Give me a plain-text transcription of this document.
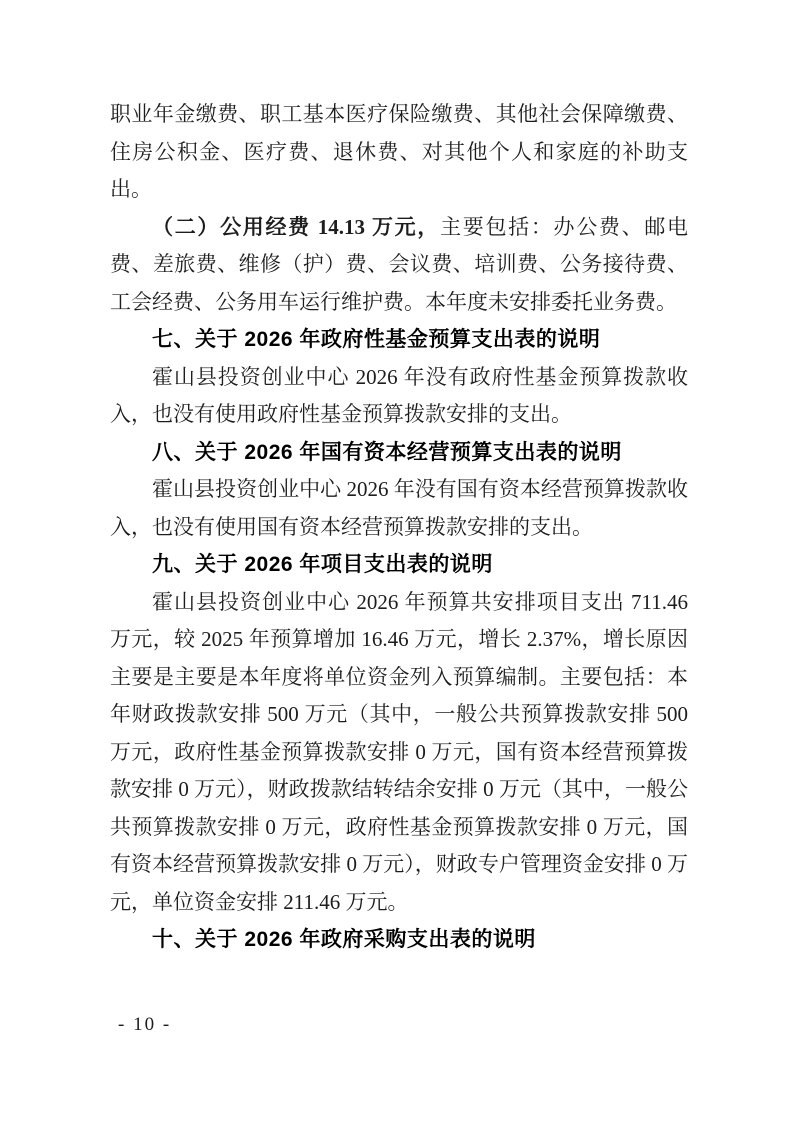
职业年金缴费、职工基本医疗保险缴费、其他社会保障缴费、住房公积金、医疗费、退休费、对其他个人和家庭的补助支出。

（二）公用经费 14.13 万元，主要包括：办公费、邮电费、差旅费、维修（护）费、会议费、培训费、公务接待费、工会经费、公务用车运行维护费。本年度未安排委托业务费。

七、关于 2026 年政府性基金预算支出表的说明

霍山县投资创业中心 2026 年没有政府性基金预算拨款收入，也没有使用政府性基金预算拨款安排的支出。

八、关于 2026 年国有资本经营预算支出表的说明

霍山县投资创业中心 2026 年没有国有资本经营预算拨款收入，也没有使用国有资本经营预算拨款安排的支出。

九、关于 2026 年项目支出表的说明

霍山县投资创业中心 2026 年预算共安排项目支出 711.46 万元，较 2025 年预算增加 16.46 万元，增长 2.37%，增长原因主要是主要是本年度将单位资金列入预算编制。主要包括：本年财政拨款安排 500 万元（其中，一般公共预算拨款安排 500 万元，政府性基金预算拨款安排 0 万元，国有资本经营预算拨款安排 0 万元），财政拨款结转结余安排 0 万元（其中，一般公共预算拨款安排 0 万元，政府性基金预算拨款安排 0 万元，国有资本经营预算拨款安排 0 万元），财政专户管理资金安排 0 万元，单位资金安排 211.46 万元。

十、关于 2026 年政府采购支出表的说明
- 10 -
